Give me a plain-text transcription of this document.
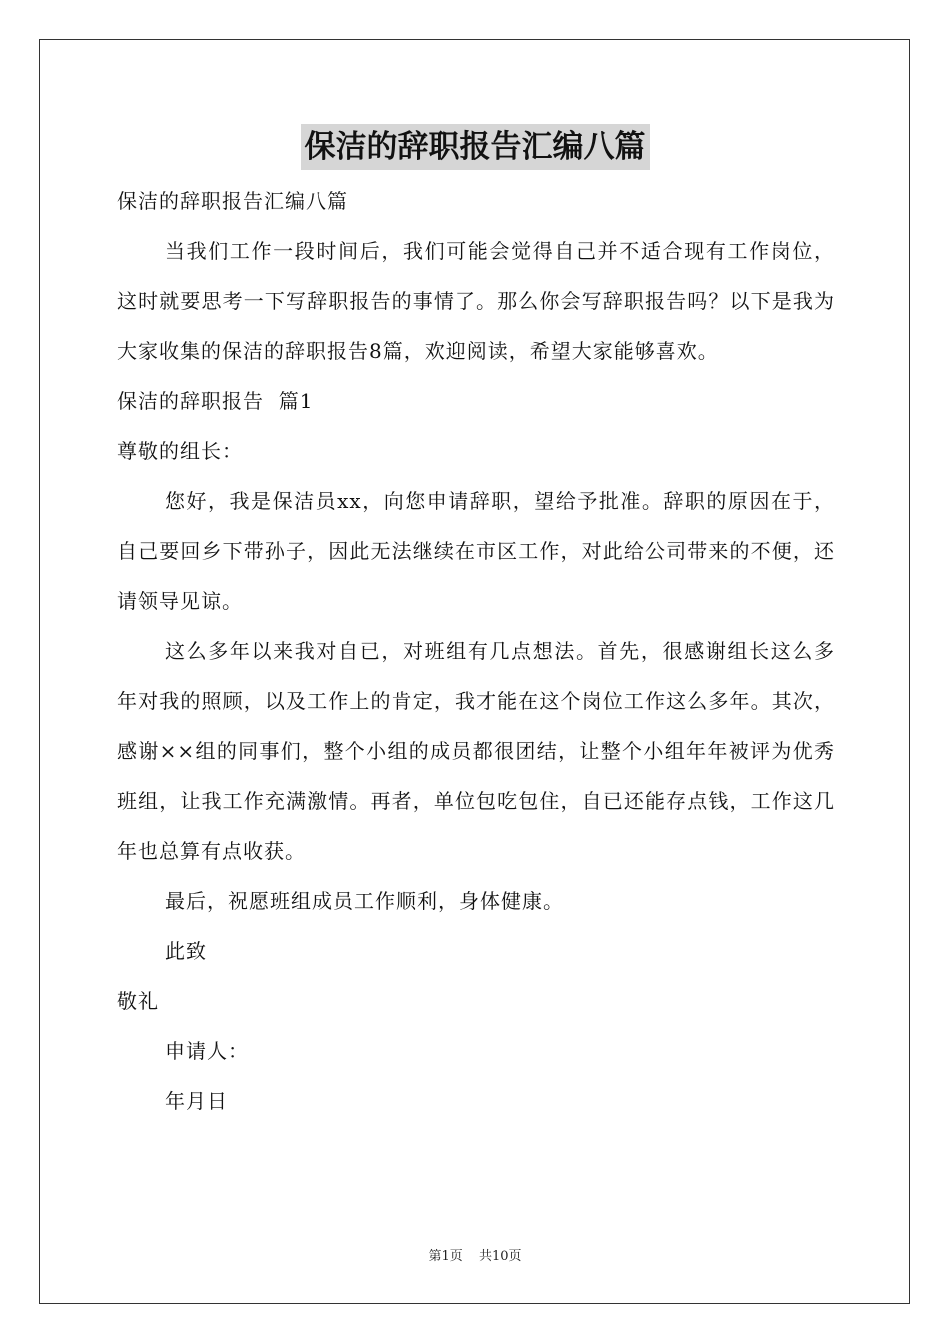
保洁的辞职报告汇编八篇

保洁的辞职报告汇编八篇

当我们工作一段时间后，我们可能会觉得自己并不适合现有工作岗位，这时就要思考一下写辞职报告的事情了。那么你会写辞职报告吗？以下是我为大家收集的保洁的辞职报告8篇，欢迎阅读，希望大家能够喜欢。

保洁的辞职报告  篇1

尊敬的组长：

您好，我是保洁员xx，向您申请辞职，望给予批准。辞职的原因在于，自己要回乡下带孙子，因此无法继续在市区工作，对此给公司带来的不便，还请领导见谅。

这么多年以来我对自已，对班组有几点想法。首先，很感谢组长这么多年对我的照顾，以及工作上的肯定，我才能在这个岗位工作这么多年。其次，感谢××组的同事们，整个小组的成员都很团结，让整个小组年年被评为优秀班组，让我工作充满激情。再者，单位包吃包住，自已还能存点钱，工作这几年也总算有点收获。

最后，祝愿班组成员工作顺利，身体健康。

此致

敬礼

申请人：

年月日

第1页 共10页
